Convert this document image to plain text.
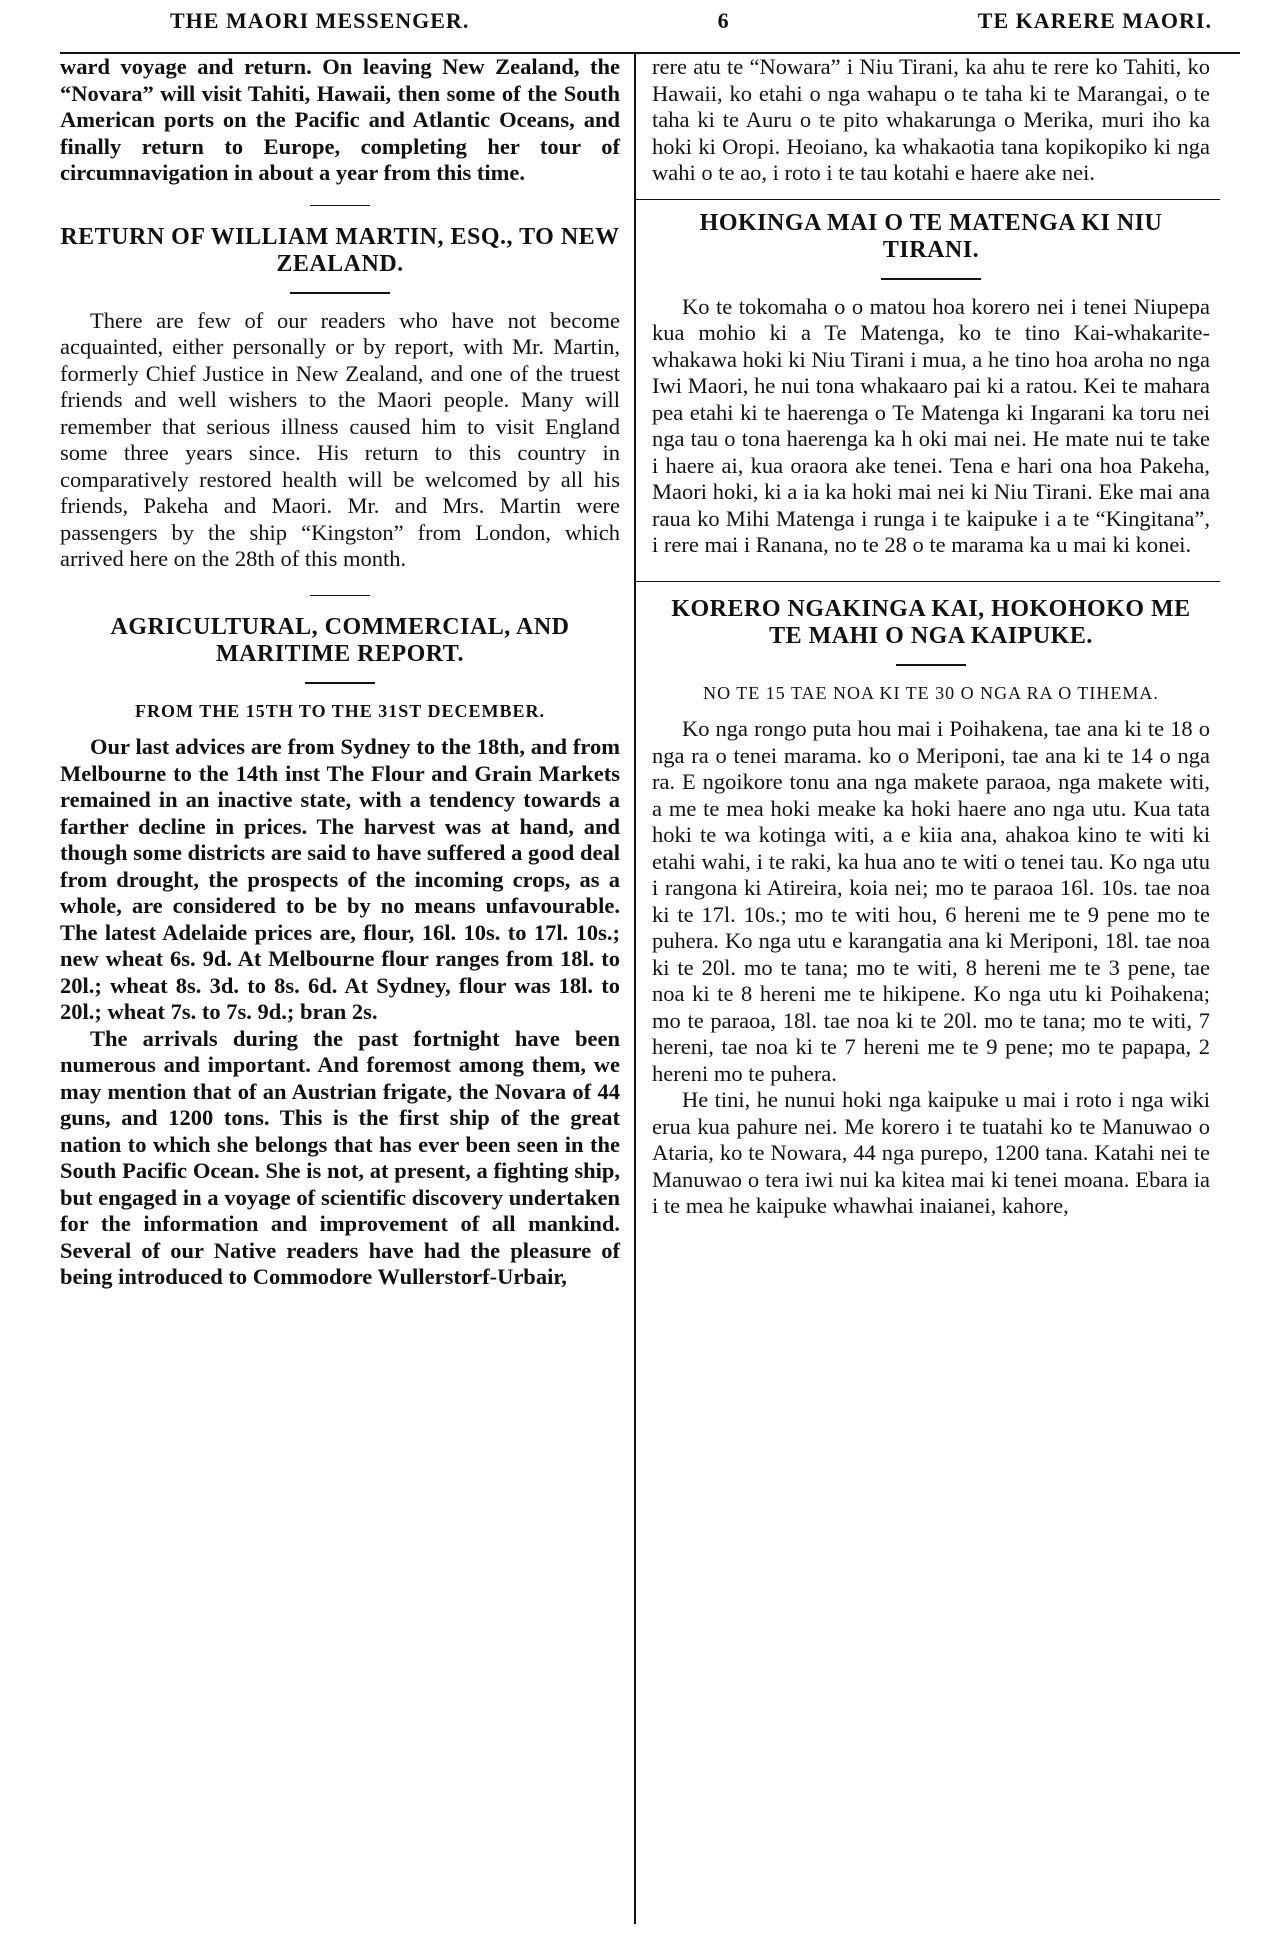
THE MAORI MESSENGER.	6	TE KARERE MAORI.

ward voyage and return. On leaving New Zealand, the “Novara” will visit Tahiti, Hawaii, then some of the South American ports on the Pacific and Atlantic Oceans, and finally return to Europe, completing her tour of circumnavigation in about a year from this time.

RETURN OF WILLIAM MARTIN, ESQ., TO NEW ZEALAND.

There are few of our readers who have not become acquainted, either personally or by report, with Mr. Martin, formerly Chief Justice in New Zealand, and one of the truest friends and well wishers to the Maori people. Many will remember that serious illness caused him to visit England some three years since. His return to this country in comparatively restored health will be welcomed by all his friends, Pakeha and Maori. Mr. and Mrs. Martin were passengers by the ship “Kingston” from London, which arrived here on the 28th of this month.

AGRICULTURAL, COMMERCIAL, AND MARITIME REPORT.
FROM THE 15TH TO THE 31ST DECEMBER.

Our last advices are from Sydney to the 18th, and from Melbourne to the 14th inst The Flour and Grain Markets remained in an inactive state, with a tendency towards a farther decline in prices. The harvest was at hand, and though some districts are said to have suffered a good deal from drought, the prospects of the incoming crops, as a whole, are considered to be by no means unfavourable. The latest Adelaide prices are, flour, 16l. 10s. to 17l. 10s.; new wheat 6s. 9d. At Melbourne flour ranges from 18l. to 20l.; wheat 8s. 3d. to 8s. 6d. At Sydney, flour was 18l. to 20l.; wheat 7s. to 7s. 9d.; bran 2s.

The arrivals during the past fortnight have been numerous and important. And foremost among them, we may mention that of an Austrian frigate, the Novara of 44 guns, and 1200 tons. This is the first ship of the great nation to which she belongs that has ever been seen in the South Pacific Ocean. She is not, at present, a fighting ship, but engaged in a voyage of scientific discovery undertaken for the information and improvement of all mankind. Several of our Native readers have had the pleasure of being introduced to Commodore Wullerstorf-Urbair,

rere atu te “Nowara” i Niu Tirani, ka ahu te rere ko Tahiti, ko Hawaii, ko etahi o nga wahapu o te taha ki te Marangai, o te taha ki te Auru o te pito whakarunga o Merika, muri iho ka hoki ki Oropi. Heoiano, ka whakaotia tana kopikopiko ki nga wahi o te ao, i roto i te tau kotahi e haere ake nei.

HOKINGA MAI O TE MATENGA KI NIU TIRANI.

Ko te tokomaha o o matou hoa korero nei i tenei Niupepa kua mohio ki a Te Matenga, ko te tino Kai-whakarite-whakawa hoki ki Niu Tirani i mua, a he tino hoa aroha no nga Iwi Maori, he nui tona whakaaro pai ki a ratou. Kei te mahara pea etahi ki te haerenga o Te Matenga ki Ingarani ka toru nei nga tau o tona haerenga ka h oki mai nei. He mate nui te take i haere ai, kua oraora ake tenei. Tena e hari ona hoa Pakeha, Maori hoki, ki a ia ka hoki mai nei ki Niu Tirani. Eke mai ana raua ko Mihi Matenga i runga i te kaipuke i a te “Kingitana”, i rere mai i Ranana, no te 28 o te marama ka u mai ki konei.

KORERO NGAKINGA KAI, HOKOHOKO ME TE MAHI O NGA KAIPUKE.
NO TE 15 TAE NOA KI TE 30 O NGA RA O TIHEMA.

Ko nga rongo puta hou mai i Poihakena, tae ana ki te 18 o nga ra o tenei marama. ko o Meriponi, tae ana ki te 14 o nga ra. E ngoikore tonu ana nga makete paraoa, nga makete witi, a me te mea hoki meake ka hoki haere ano nga utu. Kua tata hoki te wa kotinga witi, a e kiia ana, ahakoa kino te witi ki etahi wahi, i te raki, ka hua ano te witi o tenei tau. Ko nga utu i rangona ki Atireira, koia nei; mo te paraoa 16l. 10s. tae noa ki te 17l. 10s.; mo te witi hou, 6 hereni me te 9 pene mo te puhera. Ko nga utu e karangatia ana ki Meriponi, 18l. tae noa ki te 20l. mo te tana; mo te witi, 8 hereni me te 3 pene, tae noa ki te 8 hereni me te hikipene. Ko nga utu ki Poihakena; mo te paraoa, 18l. tae noa ki te 20l. mo te tana; mo te witi, 7 hereni, tae noa ki te 7 hereni me te 9 pene; mo te papapa, 2 hereni mo te puhera.

He tini, he nunui hoki nga kaipuke u mai i roto i nga wiki erua kua pahure nei. Me korero i te tuatahi ko te Manuwao o Ataria, ko te Nowara, 44 nga purepo, 1200 tana. Katahi nei te Manuwao o tera iwi nui ka kitea mai ki tenei moana. Ebara ia i te mea he kaipuke whawhai inaianei, kahore,
